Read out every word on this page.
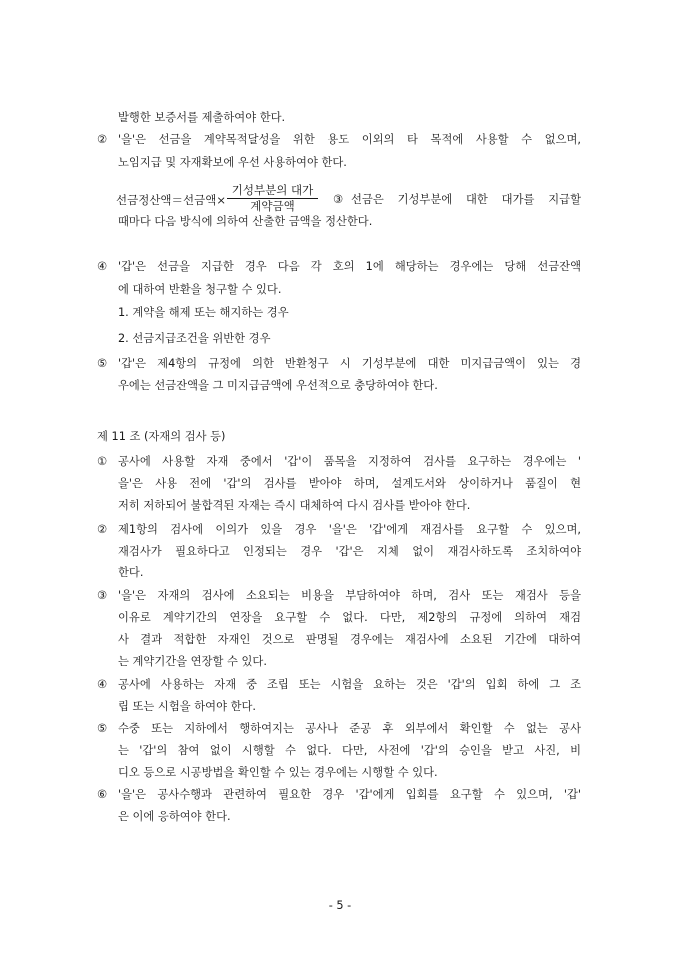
발행한 보증서를 제출하여야 한다.
② '을'은 선금을 계약목적달성을 위한 용도 이외의 타 목적에 사용할 수 없으며,
노임지급 및 자재확보에 우선 사용하여야 한다.
선금정산액＝선금액×
기성부분의 대가
계약금액	③ 선금은 기성부분에 대한 대가를 지급할
때마다 다음 방식에 의하여 산출한 금액을 정산한다.
④ '갑'은 선금을 지급한 경우 다음 각 호의 1에 해당하는 경우에는 당해 선금잔액
에 대하여 반환을 청구할 수 있다.
1. 계약을 해제 또는 해지하는 경우
2. 선금지급조건을 위반한 경우
⑤ '갑'은 제4항의 규정에 의한 반환청구 시 기성부분에 대한 미지급금액이 있는 경
우에는 선금잔액을 그 미지급금액에 우선적으로 충당하여야 한다.
제 11 조 (자재의 검사 등)
① 공사에 사용할 자재 중에서 '갑'이 품목을 지정하여 검사를 요구하는 경우에는 '
을'은 사용 전에 '갑'의 검사를 받아야 하며, 설계도서와 상이하거나 품질이 현
저히 저하되어 불합격된 자재는 즉시 대체하여 다시 검사를 받아야 한다.
② 제1항의 검사에 이의가 있을 경우 '을'은 '갑'에게 재검사를 요구할 수 있으며,
재검사가 필요하다고 인정되는 경우 '갑'은 지체 없이 재검사하도록 조치하여야
한다.
③ '을'은 자재의 검사에 소요되는 비용을 부담하여야 하며, 검사 또는 재검사 등을
이유로 계약기간의 연장을 요구할 수 없다. 다만, 제2항의 규정에 의하여 재검
사 결과 적합한 자재인 것으로 판명될 경우에는 재검사에 소요된 기간에 대하여
는 계약기간을 연장할 수 있다.
④ 공사에 사용하는 자재 중 조립 또는 시험을 요하는 것은 '갑'의 입회 하에 그 조
립 또는 시험을 하여야 한다.
⑤ 수중 또는 지하에서 행하여지는 공사나 준공 후 외부에서 확인할 수 없는 공사
는 '갑'의 참여 없이 시행할 수 없다. 다만, 사전에 '갑'의 승인을 받고 사진, 비
디오 등으로 시공방법을 확인할 수 있는 경우에는 시행할 수 있다.
⑥ '을'은 공사수행과 관련하여 필요한 경우 '갑'에게 입회를 요구할 수 있으며, '갑'
은 이에 응하여야 한다.
- 5 -
